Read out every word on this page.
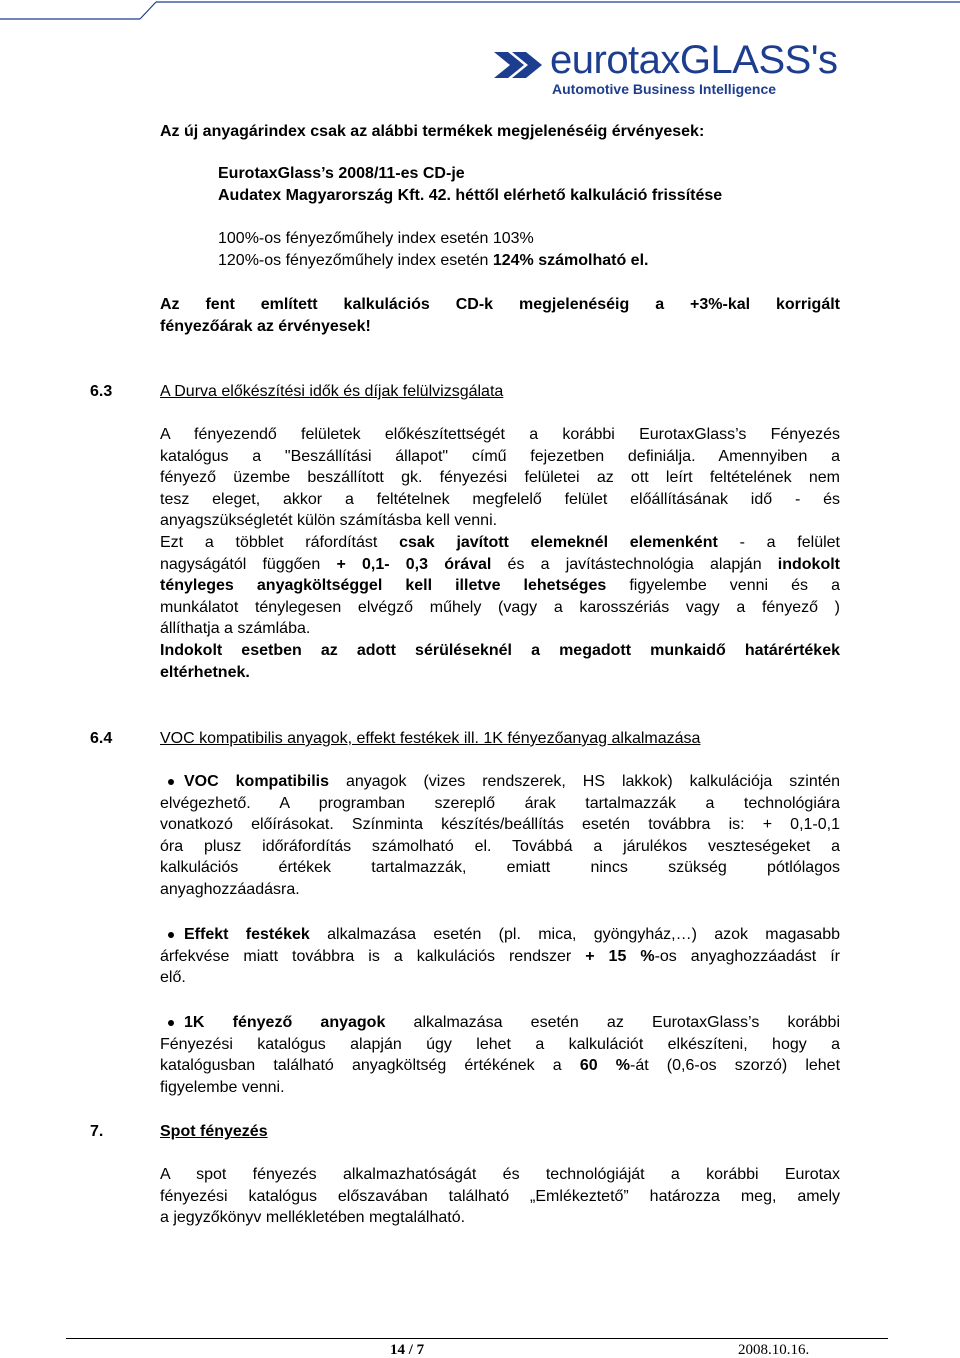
eurotaxGLASS's
Automotive Business Intelligence
Az új anyagárindex csak az alábbi termékek megjelenéséig érvényesek:
EurotaxGlass’s 2008/11-es CD-je
Audatex Magyarország Kft. 42. héttől elérhető kalkuláció frissítése
100%-os fényezőműhely index esetén 103%
120%-os fényezőműhely index esetén 124% számolható el.
Az fent említett kalkulációs CD-k megjelenéséig a +3%-kal korrigált
fényezőárak az érvényesek!
6.3	A Durva előkészítési idők és díjak felülvizsgálata
A fényezendő felületek előkészítettségét a korábbi EurotaxGlass’s Fényezés
katalógus a "Beszállítási állapot" című fejezetben definiálja. Amennyiben a
fényező üzembe beszállított gk. fényezési felületei az ott leírt feltételének nem
tesz eleget, akkor a feltételnek megfelelő felület előállításának idő - és
anyagszükségletét külön számításba kell venni.
Ezt a többlet ráfordítást csak javított elemeknél elemenként - a felület
nagyságától függően + 0,1- 0,3 órával és a javítástechnológia alapján indokolt
tényleges anyagköltséggel kell illetve lehetséges figyelembe venni és a
munkálatot ténylegesen elvégző műhely (vagy a karosszériás vagy a fényező )
állíthatja a számlába.
Indokolt esetben az adott sérüléseknél a megadott munkaidő határértékek
eltérhetnek.
6.4	VOC kompatibilis anyagok, effekt festékek ill. 1K fényezőanyag alkalmazása
VOC kompatibilis anyagok (vizes rendszerek, HS lakkok) kalkulációja szintén
elvégezhető. A programban szereplő árak tartalmazzák a technológiára
vonatkozó előírásokat. Színminta készítés/beállítás esetén továbbra is: + 0,1-0,1
óra plusz időráfordítás számolható el. Továbbá a járulékos veszteségeket a
kalkulációs értékek tartalmazzák, emiatt nincs szükség pótlólagos
anyaghozzáadásra.
Effekt festékek alkalmazása esetén (pl. mica, gyöngyház,…) azok magasabb
árfekvése miatt továbbra is a kalkulációs rendszer + 15 %-os anyaghozzáadást ír
elő.
1K fényező anyagok alkalmazása esetén az EurotaxGlass’s korábbi
Fényezési katalógus alapján úgy lehet a kalkulációt elkészíteni, hogy a
katalógusban található anyagköltség értékének a 60 %-át (0,6-os szorzó) lehet
figyelembe venni.
7.	Spot fényezés
A spot fényezés alkalmazhatóságát és technológiáját a korábbi Eurotax
fényezési katalógus előszavában található „Emlékeztető” határozza meg, amely
a jegyzőkönyv mellékletében megtalálható.
14 / 7	2008.10.16.
